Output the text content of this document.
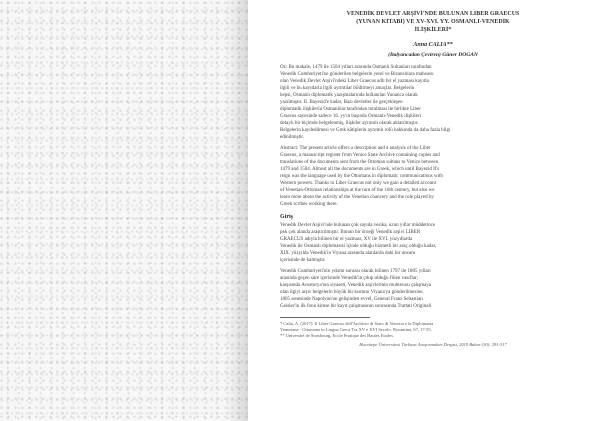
VENEDİK DEVLET ARŞİVİ'NDE BULUNAN LIBER GRAECUS
(YUNAN KİTABI) VE XV-XVI. YY. OSMANLI-VENEDİK
İLİŞKİLERİ*
Anna CALIA**
(İtalyancadan Çeviren) Güner DOĞAN
Öz: Bu makale, 1479 ile 1504 yılları arasında Osmanlı Sultanları tarafından
Venedik Cumhuriyeti'ne gönderilen belgelerin yerel ve Bizanslılara mahsusu
olan Venedik Devlet Arşivi'ndeki Liber Graecus adlı bir el yazması kayıtla
ilgili ve bu kayıtlarla ilgili ayrıntılar bildirmeyi amaçlar. Belgelerin
hepsi, Osmanlı diplomatik yazışmalarında kullanılan Yunanca olarak
yazılmıştır. II. Bayezid'e kadar, Bazı devletler ile gerçekleşen
diplomatik ilişkilerin Osmanlılar tarafından tutulması ile birlikte Liber
Graecus sayesinde sadece 16. yy'ın başında Osmanlı-Venedik ilişkileri
detaylı bir biçimde belgelenmiş, ilişkiler ayrıntılı olarak aktarılmıştır.
Belgelerin kaydedilmesi ve Grek kâtiplerin ayrıntılı rolü hakkında da daha fazla bilgi
edinilmiştir.
Abstract: The present article offers a description and a analysis of the Liber
Graecus, a manuscript register from Venice State Archive containing copies and
translations of the documents sent from the Ottoman sultans to Venice between
1479 and 1504. Almost all the documents are in Greek, which until Bayezid II's
reign was the language used by the Ottomans in diplomatic communications with
Western powers. Thanks to Liber Graecus not only we gain a detailed account
of Venetian-Ottoman relationships at the turn of the 16th century, but also we
learn more about the activity of the Venetian chancery and the role played by
Greek scribes working there.
Giriş
Venedik Devlet Arşivi'nde bulunan çok sayıda vesika, uzun yıllar müddetince
pek çok alanda araştırılmıştır. Bunun bir örneği Venedik arşivi LIBER
GRAECUS adıyla bilinen bir el yazması, XV ile XVI. yüzyıllarda
Venedik ile Osmanlı diplomasisi içinde olduğu hizmetli bir araç olduğu kadar,
XIX. yüzyılda Venedik'in Viyana arasında alanlarda dahi bir unsuru
içerisinde de kalmıştır.
Venedik Cumhuriyeti'nin yıkımı sonrası olarak bilinen 1797 ile 1805 yılları
arasında geçen süre içerisinde Venedik'in çıkıp olduğu fiilen vasıflar;
karşısında Avusturya'nın siyaseti, Venedik arşivlerinin muhtevası çalışmaya
olan ilgiyi arşiv belgelerin büyük bir kısmını Viyana'ya gönderilmesine,
1805 senesinde Napolyon'un gelişinden evvel, General Franz Sebastian
Geisler'in ilk fonu kimse bir kayıt çalışmasının sonrasında Trattati Originali
* Calia, A. (2017). Il Liber Graecus dell'Archivio di Stato di Venezia e la Diplomazia
Veneziana - Ottomana in Lingua Greca Tra XV e XVI Secolo. Byzantina, 67, 17-55.
** Université de Strasbourg, Ecole Pratique des Hautes Etudes.
Hacettepe Üniversitesi Türkiyat Araştırmaları Dergisi, 2019 Bahar (30): 291-317
